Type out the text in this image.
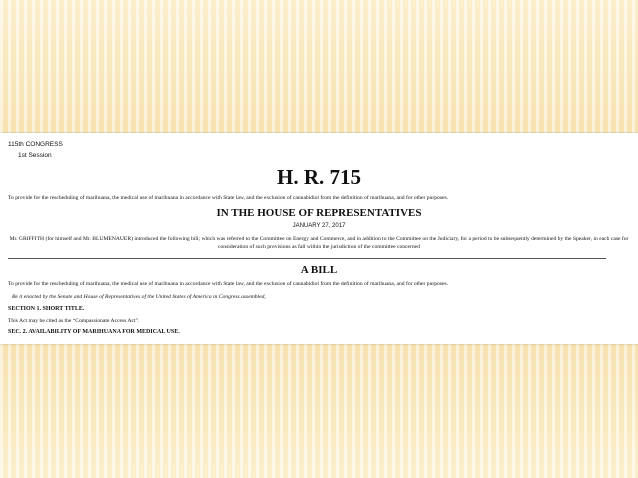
115th CONGRESS
1st Session
H. R. 715
To provide for the rescheduling of marihuana, the medical use of marihuana in accordance with State law, and the exclusion of cannabidiol from the definition of marihuana, and for other purposes.
IN THE HOUSE OF REPRESENTATIVES
JANUARY 27, 2017
Mr. GRIFFITH (for himself and Mr. BLUMENAUER) introduced the following bill; which was referred to the Committee on Energy and Commerce, and in addition to the Committee on the Judiciary, for a period to be subsequently determined by the Speaker, in each case for consideration of such provisions as fall within the jurisdiction of the committee concerned
A BILL
To provide for the rescheduling of marihuana, the medical use of marihuana in accordance with State law, and the exclusion of cannabidiol from the definition of marihuana, and for other purposes.
Be it enacted by the Senate and House of Representatives of the United States of America in Congress assembled,
SECTION 1. SHORT TITLE.
This Act may be cited as the “Compassionate Access Act”.
SEC. 2. AVAILABILITY OF MARIHUANA FOR MEDICAL USE.
